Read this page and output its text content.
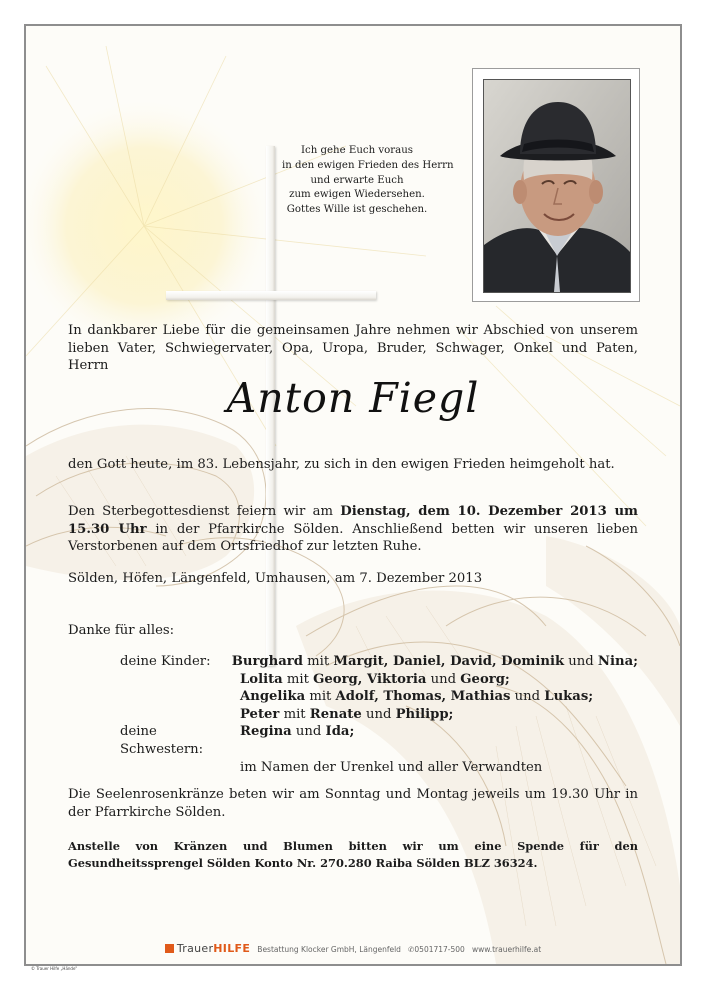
Ich gehe Euch voraus
in den ewigen Frieden des Herrn
und erwarte Euch
zum ewigen Wiedersehen.
Gottes Wille ist geschehen.
In dankbarer Liebe für die gemeinsamen Jahre nehmen wir Abschied von unserem lieben Vater, Schwiegervater, Opa, Uropa, Bruder, Schwager, Onkel und Paten, Herrn
Anton Fiegl
den Gott heute, im 83. Lebensjahr, zu sich in den ewigen Frieden heimgeholt hat.
Den Sterbegottesdienst feiern wir am Dienstag, dem 10. Dezember 2013 um 15.30 Uhr in der Pfarrkirche Sölden. Anschließend betten wir unseren lieben Verstorbenen auf dem Ortsfriedhof zur letzten Ruhe.
Sölden, Höfen, Längenfeld, Umhausen, am 7. Dezember 2013
Danke für alles:
deine Kinder:	Burghard mit Margit, Daniel, David, Dominik und Nina;
Lolita mit Georg, Viktoria und Georg;
Angelika mit Adolf, Thomas, Mathias und Lukas;
Peter mit Renate und Philipp;
deine Schwestern:
Regina und Ida;
im Namen der Urenkel und aller Verwandten
Die Seelenrosenkränze beten wir am Sonntag und Montag jeweils um 19.30 Uhr in der Pfarrkirche Sölden.
Anstelle von Kränzen und Blumen bitten wir um eine Spende für den Gesundheitssprengel Sölden Konto Nr. 270.280 Raiba Sölden BLZ 36324.
TrauerHILFE Bestattung Klocker GmbH, Längenfeld ✆0501717-500 www.trauerhilfe.at
© Trauer Hilfe „Hände"
